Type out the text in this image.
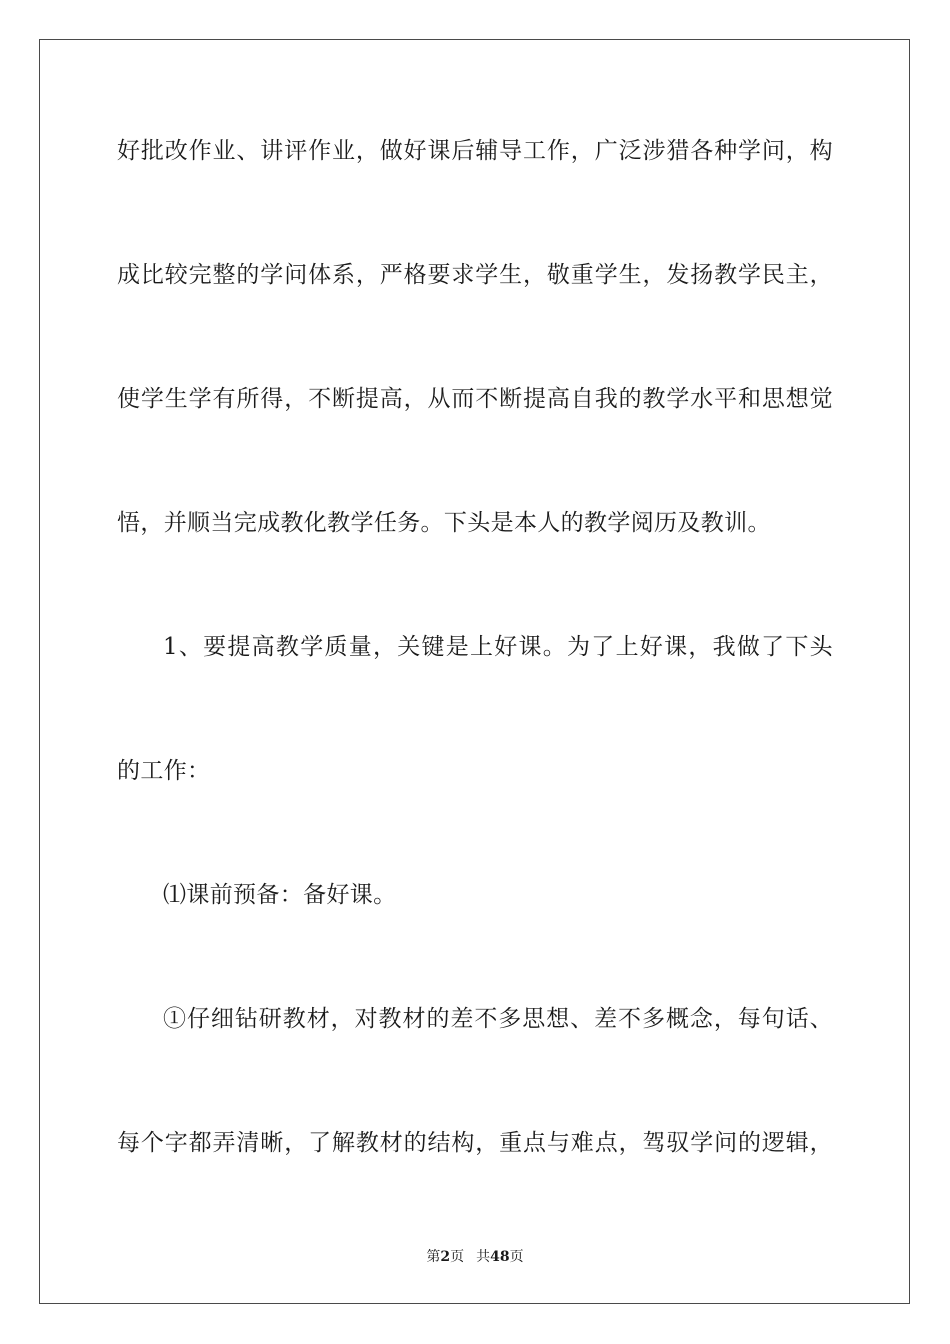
好批改作业、讲评作业，做好课后辅导工作，广泛涉猎各种学问，构
成比较完整的学问体系，严格要求学生，敬重学生，发扬教学民主，
使学生学有所得，不断提高，从而不断提高自我的教学水平和思想觉
悟，并顺当完成教化教学任务。下头是本人的教学阅历及教训。
1、要提高教学质量，关键是上好课。为了上好课，我做了下头
的工作：
⑴课前预备：备好课。
①仔细钻研教材，对教材的差不多思想、差不多概念，每句话、
每个字都弄清晰，了解教材的结构，重点与难点，驾驭学问的逻辑，
第2页 共48页
